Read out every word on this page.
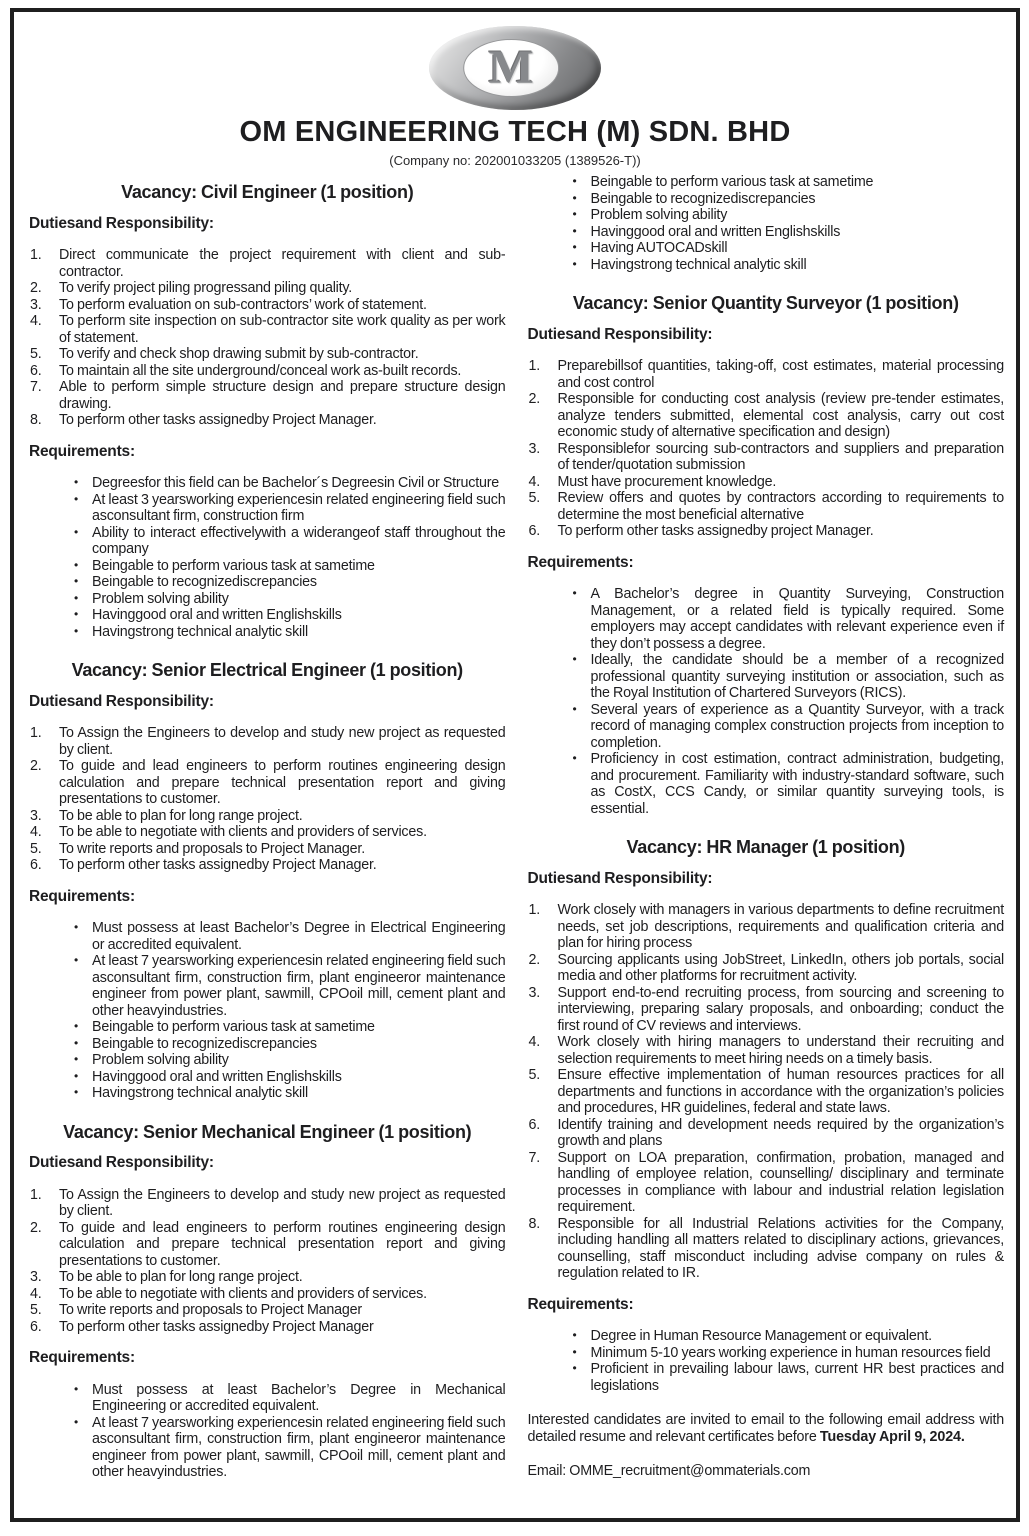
M
OM ENGINEERING TECH (M) SDN. BHD
(Company no: 202001033205 (1389526-T))
Vacancy: Civil Engineer (1 position)
Dutiesand Responsibility:
1. Direct communicate the project requirement with client and sub-contractor.
2. To verify project piling progressand piling quality.
3. To perform evaluation on sub-contractors’ work of statement.
4. To perform site inspection on sub-contractor site work quality as per work of statement.
5. To verify and check shop drawing submit by sub-contractor.
6. To maintain all the site underground/conceal work as-built records.
7. Able to perform simple structure design and prepare structure design drawing.
8. To perform other tasks assignedby Project Manager.
Requirements:
• Degreesfor this field can be Bachelor´s Degreesin Civil or Structure
• At least 3 yearsworking experiencesin related engineering field such asconsultant firm, construction firm
• Ability to interact effectivelywith a widerangeof staff throughout the company
• Beingable to perform various task at sametime
• Beingable to recognizediscrepancies
• Problem solving ability
• Havinggood oral and written Englishskills
• Havingstrong technical analytic skill
Vacancy: Senior Electrical Engineer (1 position)
Dutiesand Responsibility:
1. To Assign the Engineers to develop and study new project as requested by client.
2. To guide and lead engineers to perform routines engineering design calculation and prepare technical presentation report and giving presentations to customer.
3. To be able to plan for long range project.
4. To be able to negotiate with clients and providers of services.
5. To write reports and proposals to Project Manager.
6. To perform other tasks assignedby Project Manager.
Requirements:
• Must possess at least Bachelor’s Degree in Electrical Engineering or accredited equivalent.
• At least 7 yearsworking experiencesin related engineering field such asconsultant firm, construction firm, plant engineeror maintenance engineer from power plant, sawmill, CPOoil mill, cement plant and other heavyindustries.
• Beingable to perform various task at sametime
• Beingable to recognizediscrepancies
• Problem solving ability
• Havinggood oral and written Englishskills
• Havingstrong technical analytic skill
Vacancy: Senior Mechanical Engineer (1 position)
Dutiesand Responsibility:
1. To Assign the Engineers to develop and study new project as requested by client.
2. To guide and lead engineers to perform routines engineering design calculation and prepare technical presentation report and giving presentations to customer.
3. To be able to plan for long range project.
4. To be able to negotiate with clients and providers of services.
5. To write reports and proposals to Project Manager
6. To perform other tasks assignedby Project Manager
Requirements:
• Must possess at least Bachelor’s Degree in Mechanical Engineering or accredited equivalent.
• At least 7 yearsworking experiencesin related engineering field such asconsultant firm, construction firm, plant engineeror maintenance engineer from power plant, sawmill, CPOoil mill, cement plant and other heavyindustries.
• Beingable to perform various task at sametime
• Beingable to recognizediscrepancies
• Problem solving ability
• Havinggood oral and written Englishskills
• Having AUTOCADskill
• Havingstrong technical analytic skill
Vacancy: Senior Quantity Surveyor (1 position)
Dutiesand Responsibility:
1. Preparebillsof quantities, taking-off, cost estimates, material processing and cost control
2. Responsible for conducting cost analysis (review pre-tender estimates, analyze tenders submitted, elemental cost analysis, carry out cost economic study of alternative specification and design)
3. Responsiblefor sourcing sub-contractors and suppliers and preparation of tender/quotation submission
4. Must have procurement knowledge.
5. Review offers and quotes by contractors according to requirements to determine the most beneficial alternative
6. To perform other tasks assignedby project Manager.
Requirements:
• A Bachelor’s degree in Quantity Surveying, Construction Management, or a related field is typically required. Some employers may accept candidates with relevant experience even if they don’t possess a degree.
• Ideally, the candidate should be a member of a recognized professional quantity surveying institution or association, such as the Royal Institution of Chartered Surveyors (RICS).
• Several years of experience as a Quantity Surveyor, with a track record of managing complex construction projects from inception to completion.
• Proficiency in cost estimation, contract administration, budgeting, and procurement. Familiarity with industry-standard software, such as CostX, CCS Candy, or similar quantity surveying tools, is essential.
Vacancy: HR Manager (1 position)
Dutiesand Responsibility:
1. Work closely with managers in various departments to define recruitment needs, set job descriptions, requirements and qualification criteria and plan for hiring process
2. Sourcing applicants using JobStreet, LinkedIn, others job portals, social media and other platforms for recruitment activity.
3. Support end-to-end recruiting process, from sourcing and screening to interviewing, preparing salary proposals, and onboarding; conduct the first round of CV reviews and interviews.
4. Work closely with hiring managers to understand their recruiting and selection requirements to meet hiring needs on a timely basis.
5. Ensure effective implementation of human resources practices for all departments and functions in accordance with the organization’s policies and procedures, HR guidelines, federal and state laws.
6. Identify training and development needs required by the organization’s growth and plans
7. Support on LOA preparation, confirmation, probation, managed and handling of employee relation, counselling/ disciplinary and terminate processes in compliance with labour and industrial relation legislation requirement.
8. Responsible for all Industrial Relations activities for the Company, including handling all matters related to disciplinary actions, grievances, counselling, staff misconduct including advise company on rules & regulation related to IR.
Requirements:
• Degree in Human Resource Management or equivalent.
• Minimum 5-10 years working experience in human resources field
• Proficient in prevailing labour laws, current HR best practices and legislations

Interested candidates are invited to email to the following email address with detailed resume and relevant certificates before Tuesday April 9, 2024.

Email: OMME_recruitment@ommaterials.com
